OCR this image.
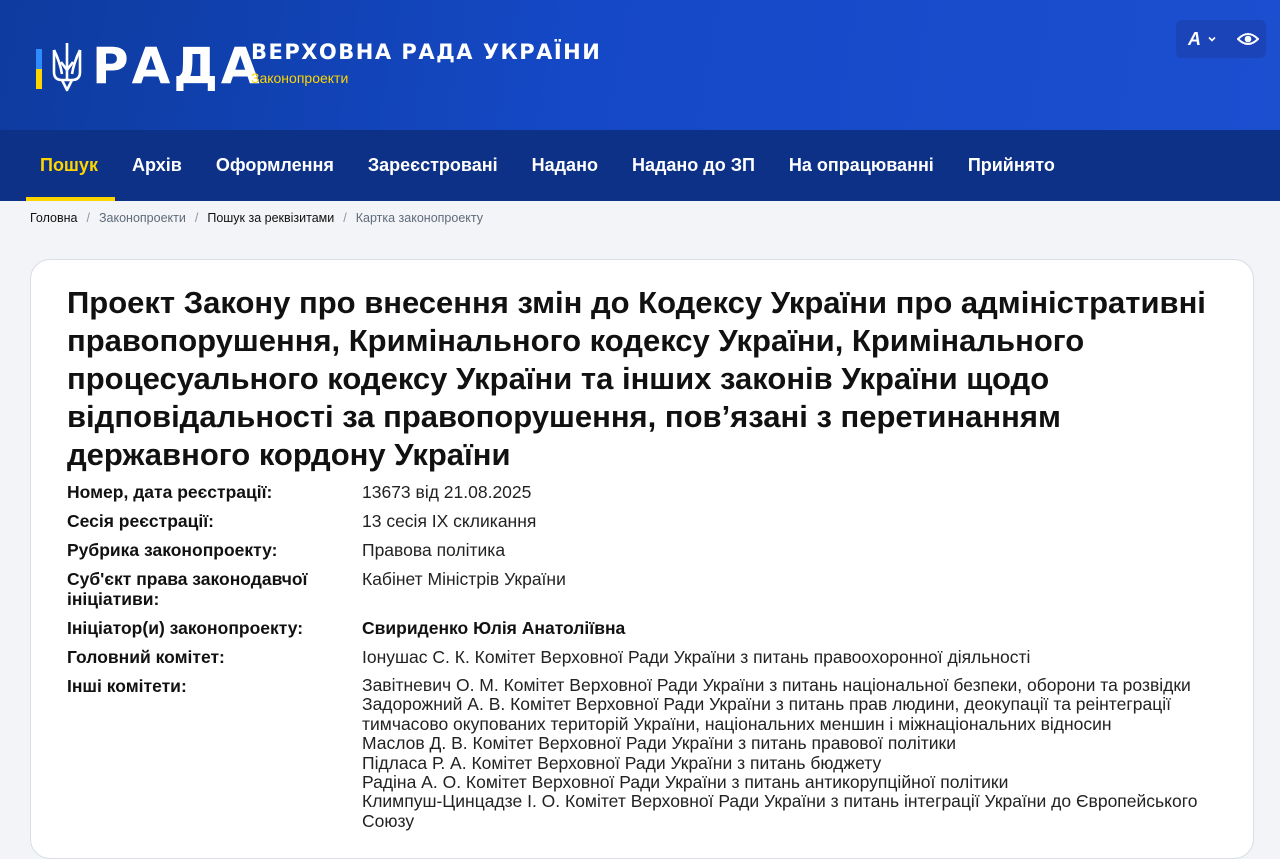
РАДА
ВЕРХОВНА РАДА УКРАЇНИ
Законопроекти
A
Пошук	Архів	Оформлення	Зареєстровані	Надано	Надано до ЗП	На опрацюванні	Прийнято
Головна / Законопроекти / Пошук за реквізитами / Картка законопроекту
Проект Закону про внесення змін до Кодексу України про адміністративні правопорушення, Кримінального кодексу України, Кримінального процесуального кодексу України та інших законів України щодо відповідальності за правопорушення, пов’язані з перетинанням державного кордону України
Номер, дата реєстрації:	13673 від 21.08.2025
Сесія реєстрації:	13 сесія IX скликання
Рубрика законопроекту:	Правова політика
Суб'єкт права законодавчої ініціативи:
Кабінет Міністрів України
Ініціатор(и) законопроекту:	Свириденко Юлія Анатоліївна
Головний комітет:	Іонушас С. К. Комітет Верховної Ради України з питань правоохоронної діяльності
Інші комітети:	Завітневич О. М. Комітет Верховної Ради України з питань національної безпеки, оборони та розвідки
Задорожний А. В. Комітет Верховної Ради України з питань прав людини, деокупації та реінтеграції
тимчасово окупованих територій України, національних меншин і міжнаціональних відносин
Маслов Д. В. Комітет Верховної Ради України з питань правової політики
Підласа Р. А. Комітет Верховної Ради України з питань бюджету
Радіна А. О. Комітет Верховної Ради України з питань антикорупційної політики
Климпуш-Цинцадзе І. О. Комітет Верховної Ради України з питань інтеграції України до Європейського
Союзу
